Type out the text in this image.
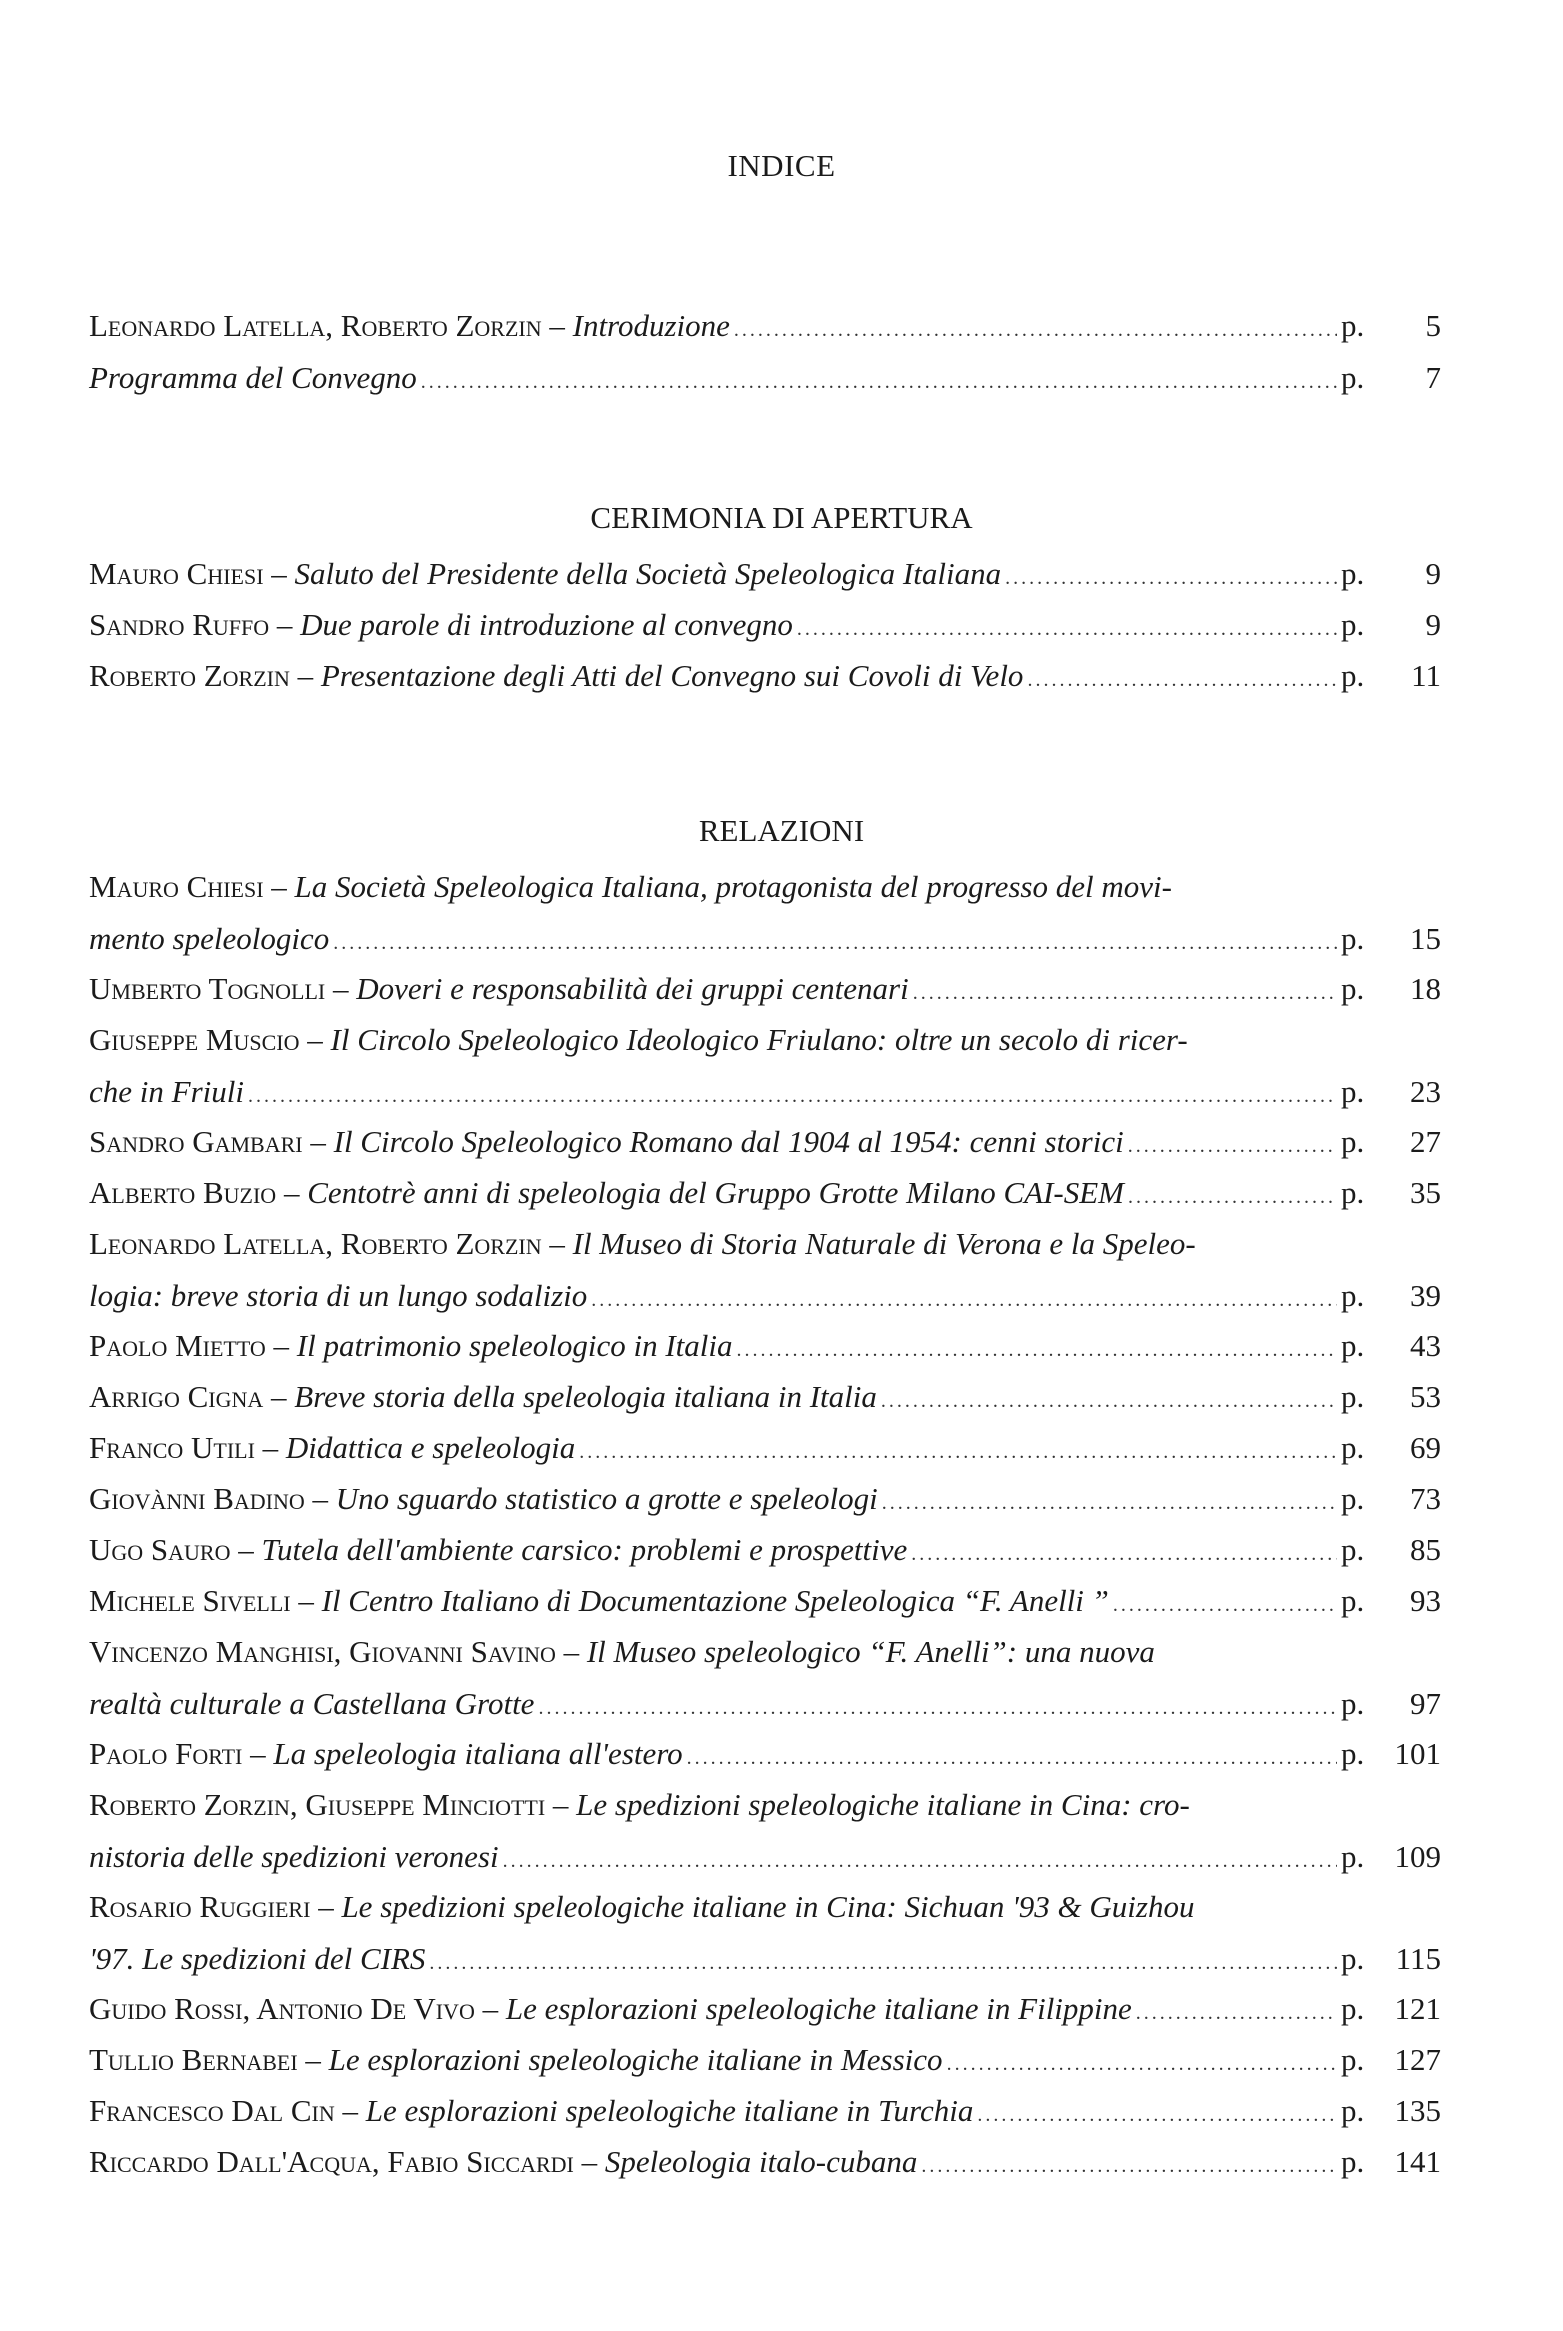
INDICE
Leonardo Latella, Roberto Zorzin – Introduzione .....	p. 5
Programma del Convegno .....	p. 7
CERIMONIA DI APERTURA
Mauro Chiesi – Saluto del Presidente della Società Speleologica Italiana .....	p. 9
Sandro Ruffo – Due parole di introduzione al convegno .....	p. 9
Roberto Zorzin – Presentazione degli Atti del Convegno sui Covoli di Velo .....	p. 11
RELAZIONI
Mauro Chiesi – La Società Speleologica Italiana, protagonista del progresso del movi-
mento speleologico .....	p. 15
Umberto Tognolli – Doveri e responsabilità dei gruppi centenari .....	p. 18
Giuseppe Muscio – Il Circolo Speleologico Ideologico Friulano: oltre un secolo di ricer-
che in Friuli .....	p. 23
Sandro Gambari – Il Circolo Speleologico Romano dal 1904 al 1954: cenni storici .....	p. 27
Alberto Buzio – Centotrè anni di speleologia del Gruppo Grotte Milano CAI-SEM .....	p. 35
Leonardo Latella, Roberto Zorzin – Il Museo di Storia Naturale di Verona e la Speleo-
logia: breve storia di un lungo sodalizio .....	p. 39
Paolo Mietto – Il patrimonio speleologico in Italia .....	p. 43
Arrigo Cigna – Breve storia della speleologia italiana in Italia .....	p. 53
Franco Utili – Didattica e speleologia .....	p. 69
Giovànni Badino – Uno sguardo statistico a grotte e speleologi .....	p. 73
Ugo Sauro – Tutela dell'ambiente carsico: problemi e prospettive .....	p. 85
Michele Sivelli – Il Centro Italiano di Documentazione Speleologica “F. Anelli ” .....	p. 93
Vincenzo Manghisi, Giovanni Savino – Il Museo speleologico “F. Anelli”: una nuova
realtà culturale a Castellana Grotte .....	p. 97
Paolo Forti – La speleologia italiana all'estero .....	p. 101
Roberto Zorzin, Giuseppe Minciotti – Le spedizioni speleologiche italiane in Cina: cro-
nistoria delle spedizioni veronesi .....	p. 109
Rosario Ruggieri – Le spedizioni speleologiche italiane in Cina: Sichuan '93 & Guizhou
'97. Le spedizioni del CIRS .....	p. 115
Guido Rossi, Antonio De Vivo – Le esplorazioni speleologiche italiane in Filippine .....	p. 121
Tullio Bernabei – Le esplorazioni speleologiche italiane in Messico .....	p. 127
Francesco Dal Cin – Le esplorazioni speleologiche italiane in Turchia .....	p. 135
Riccardo Dall'Acqua, Fabio Siccardi – Speleologia italo-cubana .....	p. 141
